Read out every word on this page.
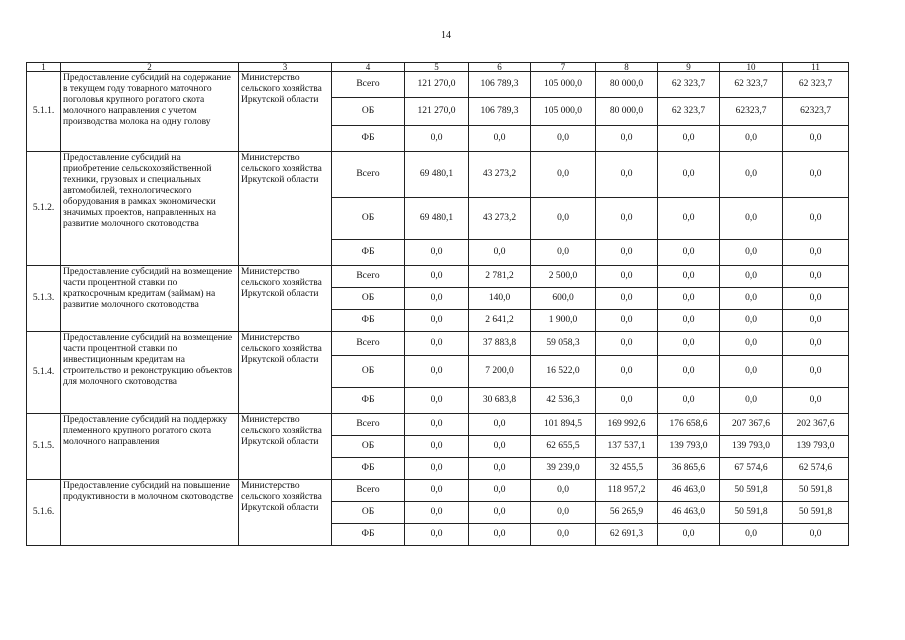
14
1	2	3	4	5	6	7	8	9	10	11
5.1.1.	Предоставление субсидий на содержание в текущем году товарного маточного поголовья крупного рогатого скота молочного направления с учетом производства молока на одну голову	Министерство сельского хозяйства Иркутской области	Всего	121 270,0	106 789,3	105 000,0	80 000,0	62 323,7	62 323,7	62 323,7
			ОБ	121 270,0	106 789,3	105 000,0	80 000,0	62 323,7	62323,7	62323,7
			ФБ	0,0	0,0	0,0	0,0	0,0	0,0	0,0
5.1.2.	Предоставление субсидий на приобретение сельскохозяйственной техники, грузовых и специальных автомобилей, технологического оборудования в рамках экономически значимых проектов, направленных на развитие молочного скотоводства	Министерство сельского хозяйства Иркутской области	Всего	69 480,1	43 273,2	0,0	0,0	0,0	0,0	0,0
			ОБ	69 480,1	43 273,2	0,0	0,0	0,0	0,0	0,0
			ФБ	0,0	0,0	0,0	0,0	0,0	0,0	0,0
5.1.3.	Предоставление субсидий на возмещение части процентной ставки по краткосрочным кредитам (займам) на развитие молочного скотоводства	Министерство сельского хозяйства Иркутской области	Всего	0,0	2 781,2	2 500,0	0,0	0,0	0,0	0,0
			ОБ	0,0	140,0	600,0	0,0	0,0	0,0	0,0
			ФБ	0,0	2 641,2	1 900,0	0,0	0,0	0,0	0,0
5.1.4.	Предоставление субсидий на возмещение части процентной ставки по инвестиционным кредитам на строительство и реконструкцию объектов для молочного скотоводства	Министерство сельского хозяйства Иркутской области	Всего	0,0	37 883,8	59 058,3	0,0	0,0	0,0	0,0
			ОБ	0,0	7 200,0	16 522,0	0,0	0,0	0,0	0,0
			ФБ	0,0	30 683,8	42 536,3	0,0	0,0	0,0	0,0
5.1.5.	Предоставление субсидий на поддержку племенного крупного рогатого скота молочного направления	Министерство сельского хозяйства Иркутской области	Всего	0,0	0,0	101 894,5	169 992,6	176 658,6	207 367,6	202 367,6
			ОБ	0,0	0,0	62 655,5	137 537,1	139 793,0	139 793,0	139 793,0
			ФБ	0,0	0,0	39 239,0	32 455,5	36 865,6	67 574,6	62 574,6
5.1.6.	Предоставление субсидий на повышение продуктивности в молочном скотоводстве	Министерство сельского хозяйства Иркутской области	Всего	0,0	0,0	0,0	118 957,2	46 463,0	50 591,8	50 591,8
			ОБ	0,0	0,0	0,0	56 265,9	46 463,0	50 591,8	50 591,8
			ФБ	0,0	0,0	0,0	62 691,3	0,0	0,0	0,0
